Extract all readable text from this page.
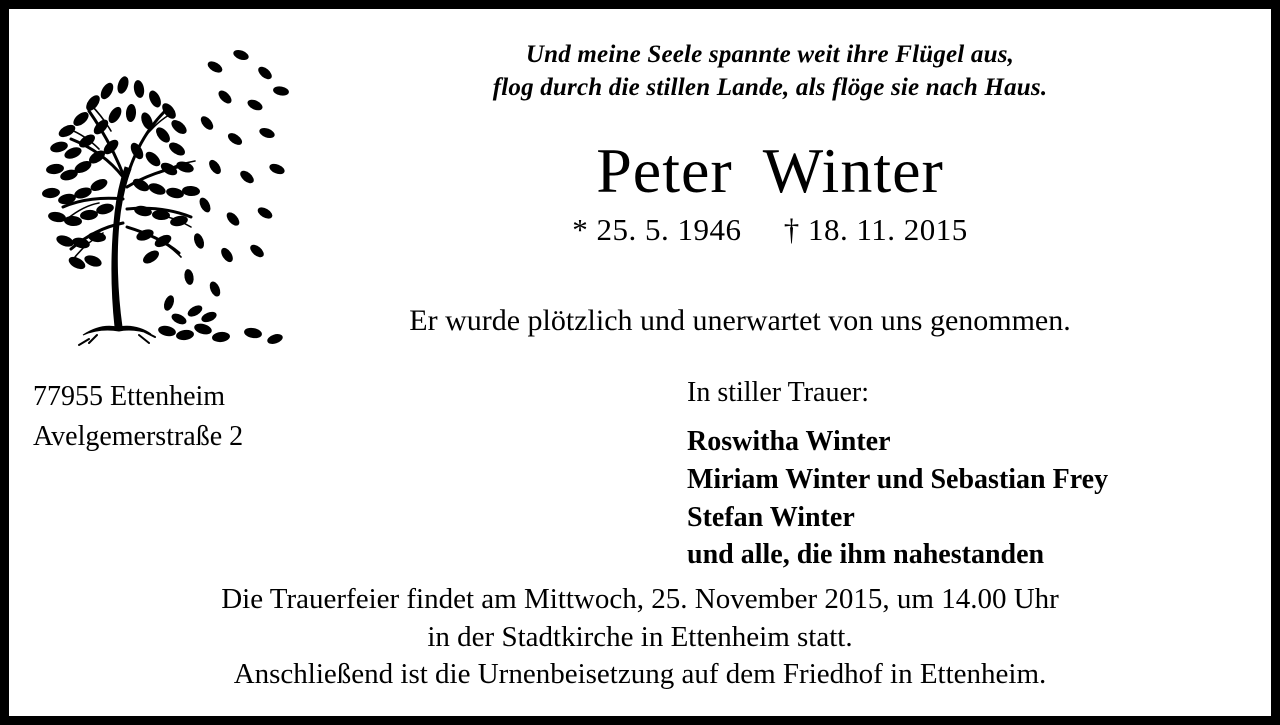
Und meine Seele spannte weit ihre Flügel aus,
flog durch die stillen Lande, als flöge sie nach Haus.
Peter Winter
* 25. 5. 1946 † 18. 11. 2015
Er wurde plötzlich und unerwartet von uns genommen.
77955 Ettenheim
Avelgemerstraße 2
In stiller Trauer:
Roswitha Winter
Miriam Winter und Sebastian Frey
Stefan Winter
und alle, die ihm nahestanden
Die Trauerfeier findet am Mittwoch, 25. November 2015, um 14.00 Uhr
in der Stadtkirche in Ettenheim statt.
Anschließend ist die Urnenbeisetzung auf dem Friedhof in Ettenheim.
